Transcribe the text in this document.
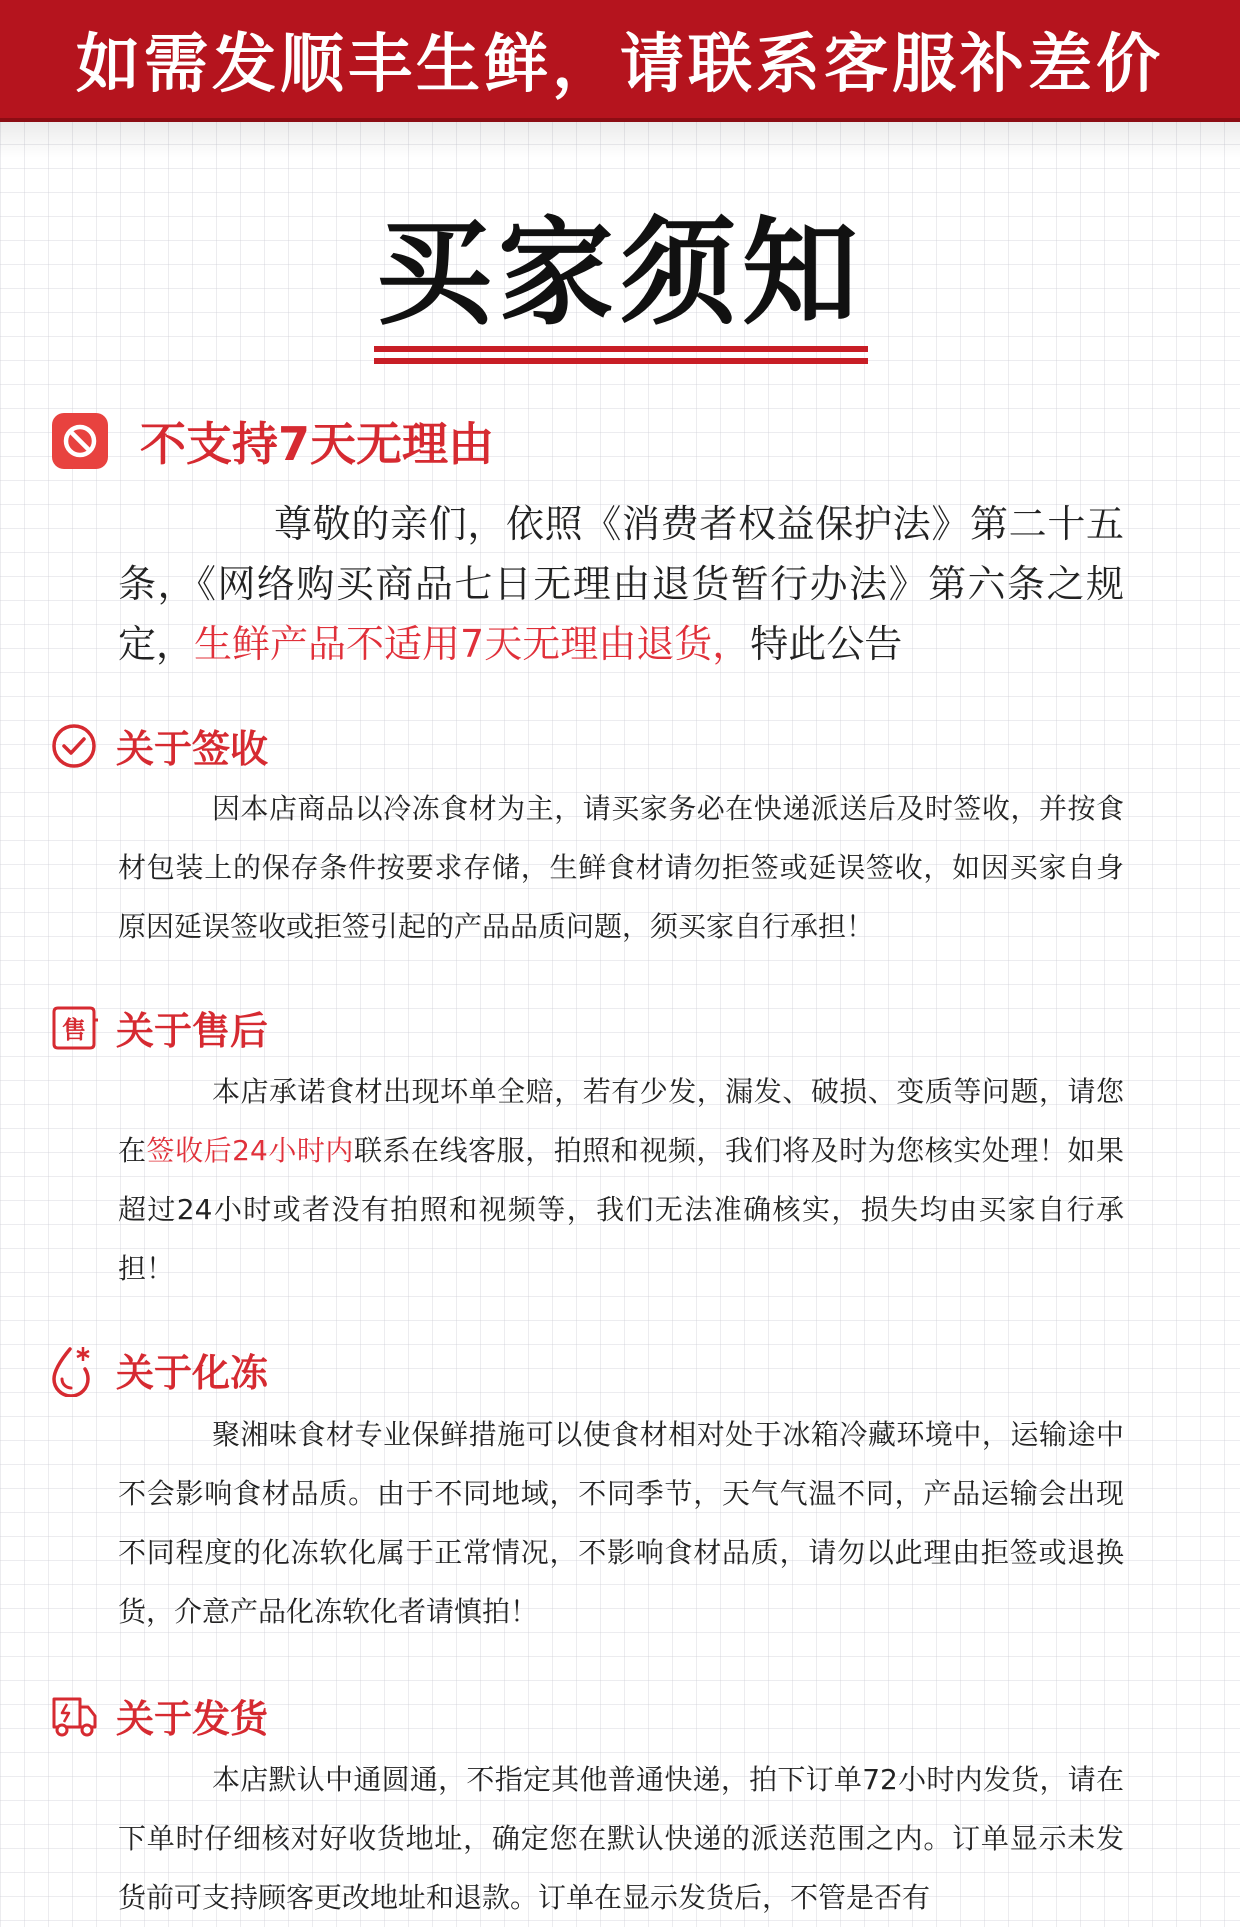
如需发顺丰生鲜，请联系客服补差价
买家须知
不支持7天无理由
尊敬的亲们，依照《消费者权益保护法》第二十五条，《网络购买商品七日无理由退货暂行办法》第六条之规定，生鲜产品不适用7天无理由退货，特此公告
关于签收
因本店商品以冷冻食材为主，请买家务必在快递派送后及时签收，并按食材包装上的保存条件按要求存储，生鲜食材请勿拒签或延误签收，如因买家自身原因延误签收或拒签引起的产品品质问题，须买家自行承担！
售 关于售后
本店承诺食材出现坏单全赔，若有少发，漏发、破损、变质等问题，请您在签收后24小时内联系在线客服，拍照和视频，我们将及时为您核实处理！如果超过24小时或者没有拍照和视频等，我们无法准确核实，损失均由买家自行承担！
关于化冻
聚湘味食材专业保鲜措施可以使食材相对处于冰箱冷藏环境中，运输途中不会影响食材品质。由于不同地域，不同季节，天气气温不同，产品运输会出现不同程度的化冻软化属于正常情况，不影响食材品质，请勿以此理由拒签或退换货，介意产品化冻软化者请慎拍！
关于发货
本店默认中通圆通，不指定其他普通快递，拍下订单72小时内发货，请在下单时仔细核对好收货地址，确定您在默认快递的派送范围之内。订单显示未发货前可支持顾客更改地址和退款。订单在显示发货后，不管是否有
